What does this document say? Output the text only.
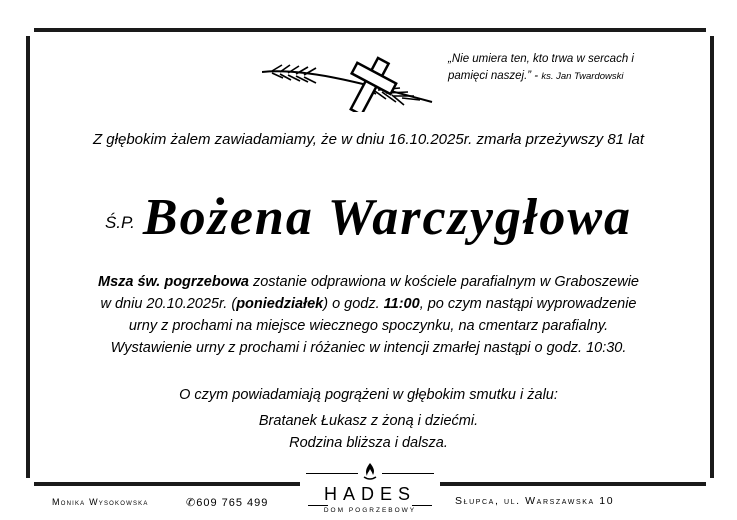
„Nie umiera ten, kto trwa w sercach i
pamięci naszej.” - ks. Jan Twardowski
Z głębokim żalem zawiadamiamy, że w dniu 16.10.2025r. zmarła przeżywszy 81 lat
Ś.P. Bożena Warczygłowa
Msza św. pogrzebowa zostanie odprawiona w kościele parafialnym w Graboszewie
w dniu 20.10.2025r. (poniedziałek) o godz. 11:00, po czym nastąpi wyprowadzenie
urny z prochami na miejsce wiecznego spoczynku, na cmentarz parafialny.
Wystawienie urny z prochami i różaniec w intencji zmarłej nastąpi o godz. 10:30.
O czym powiadamiają pogrążeni w głębokim smutku i żalu:
Bratanek Łukasz z żoną i dziećmi.
Rodzina bliższa i dalsza.
Monika Wysokowska	✆609 765 499	HADES
DOM POGRZEBOWY
Słupca, ul. Warszawska 10
